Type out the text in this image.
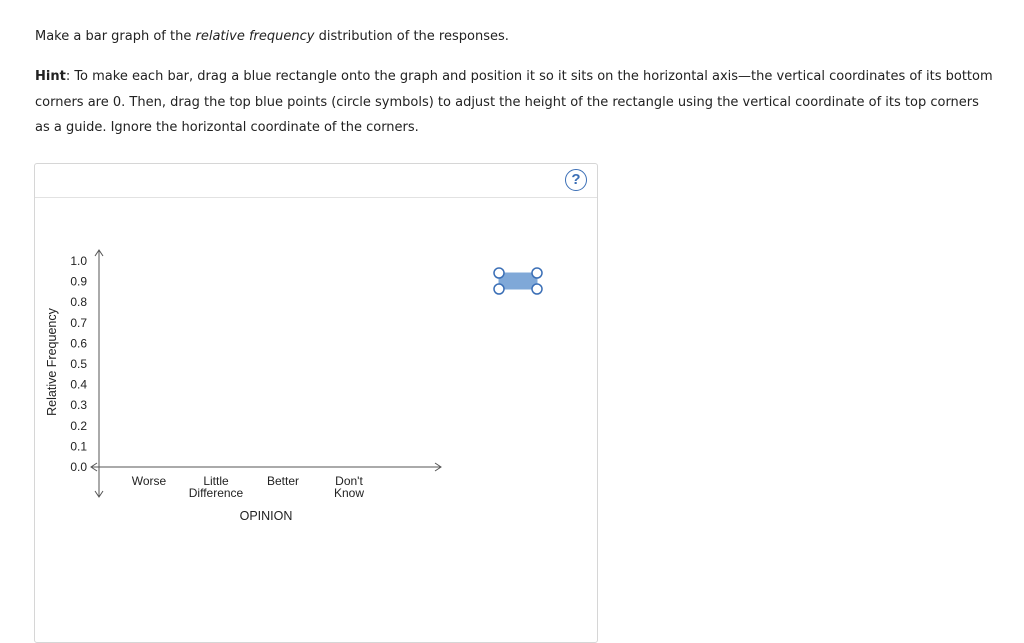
Make a bar graph of the relative frequency distribution of the responses.

Hint: To make each bar, drag a blue rectangle onto the graph and position it so it sits on the horizontal axis—the vertical coordinates of its bottom corners are 0. Then, drag the top blue points (circle symbols) to adjust the height of the rectangle using the vertical coordinate of its top corners as a guide. Ignore the horizontal coordinate of the corners.

?
0.0
0.1
0.2
0.3
0.4
0.5
0.6
0.7
0.8
0.9
1.0
Relative Frequency
Worse	Little
Difference
Better	Don't
Know
OPINION
